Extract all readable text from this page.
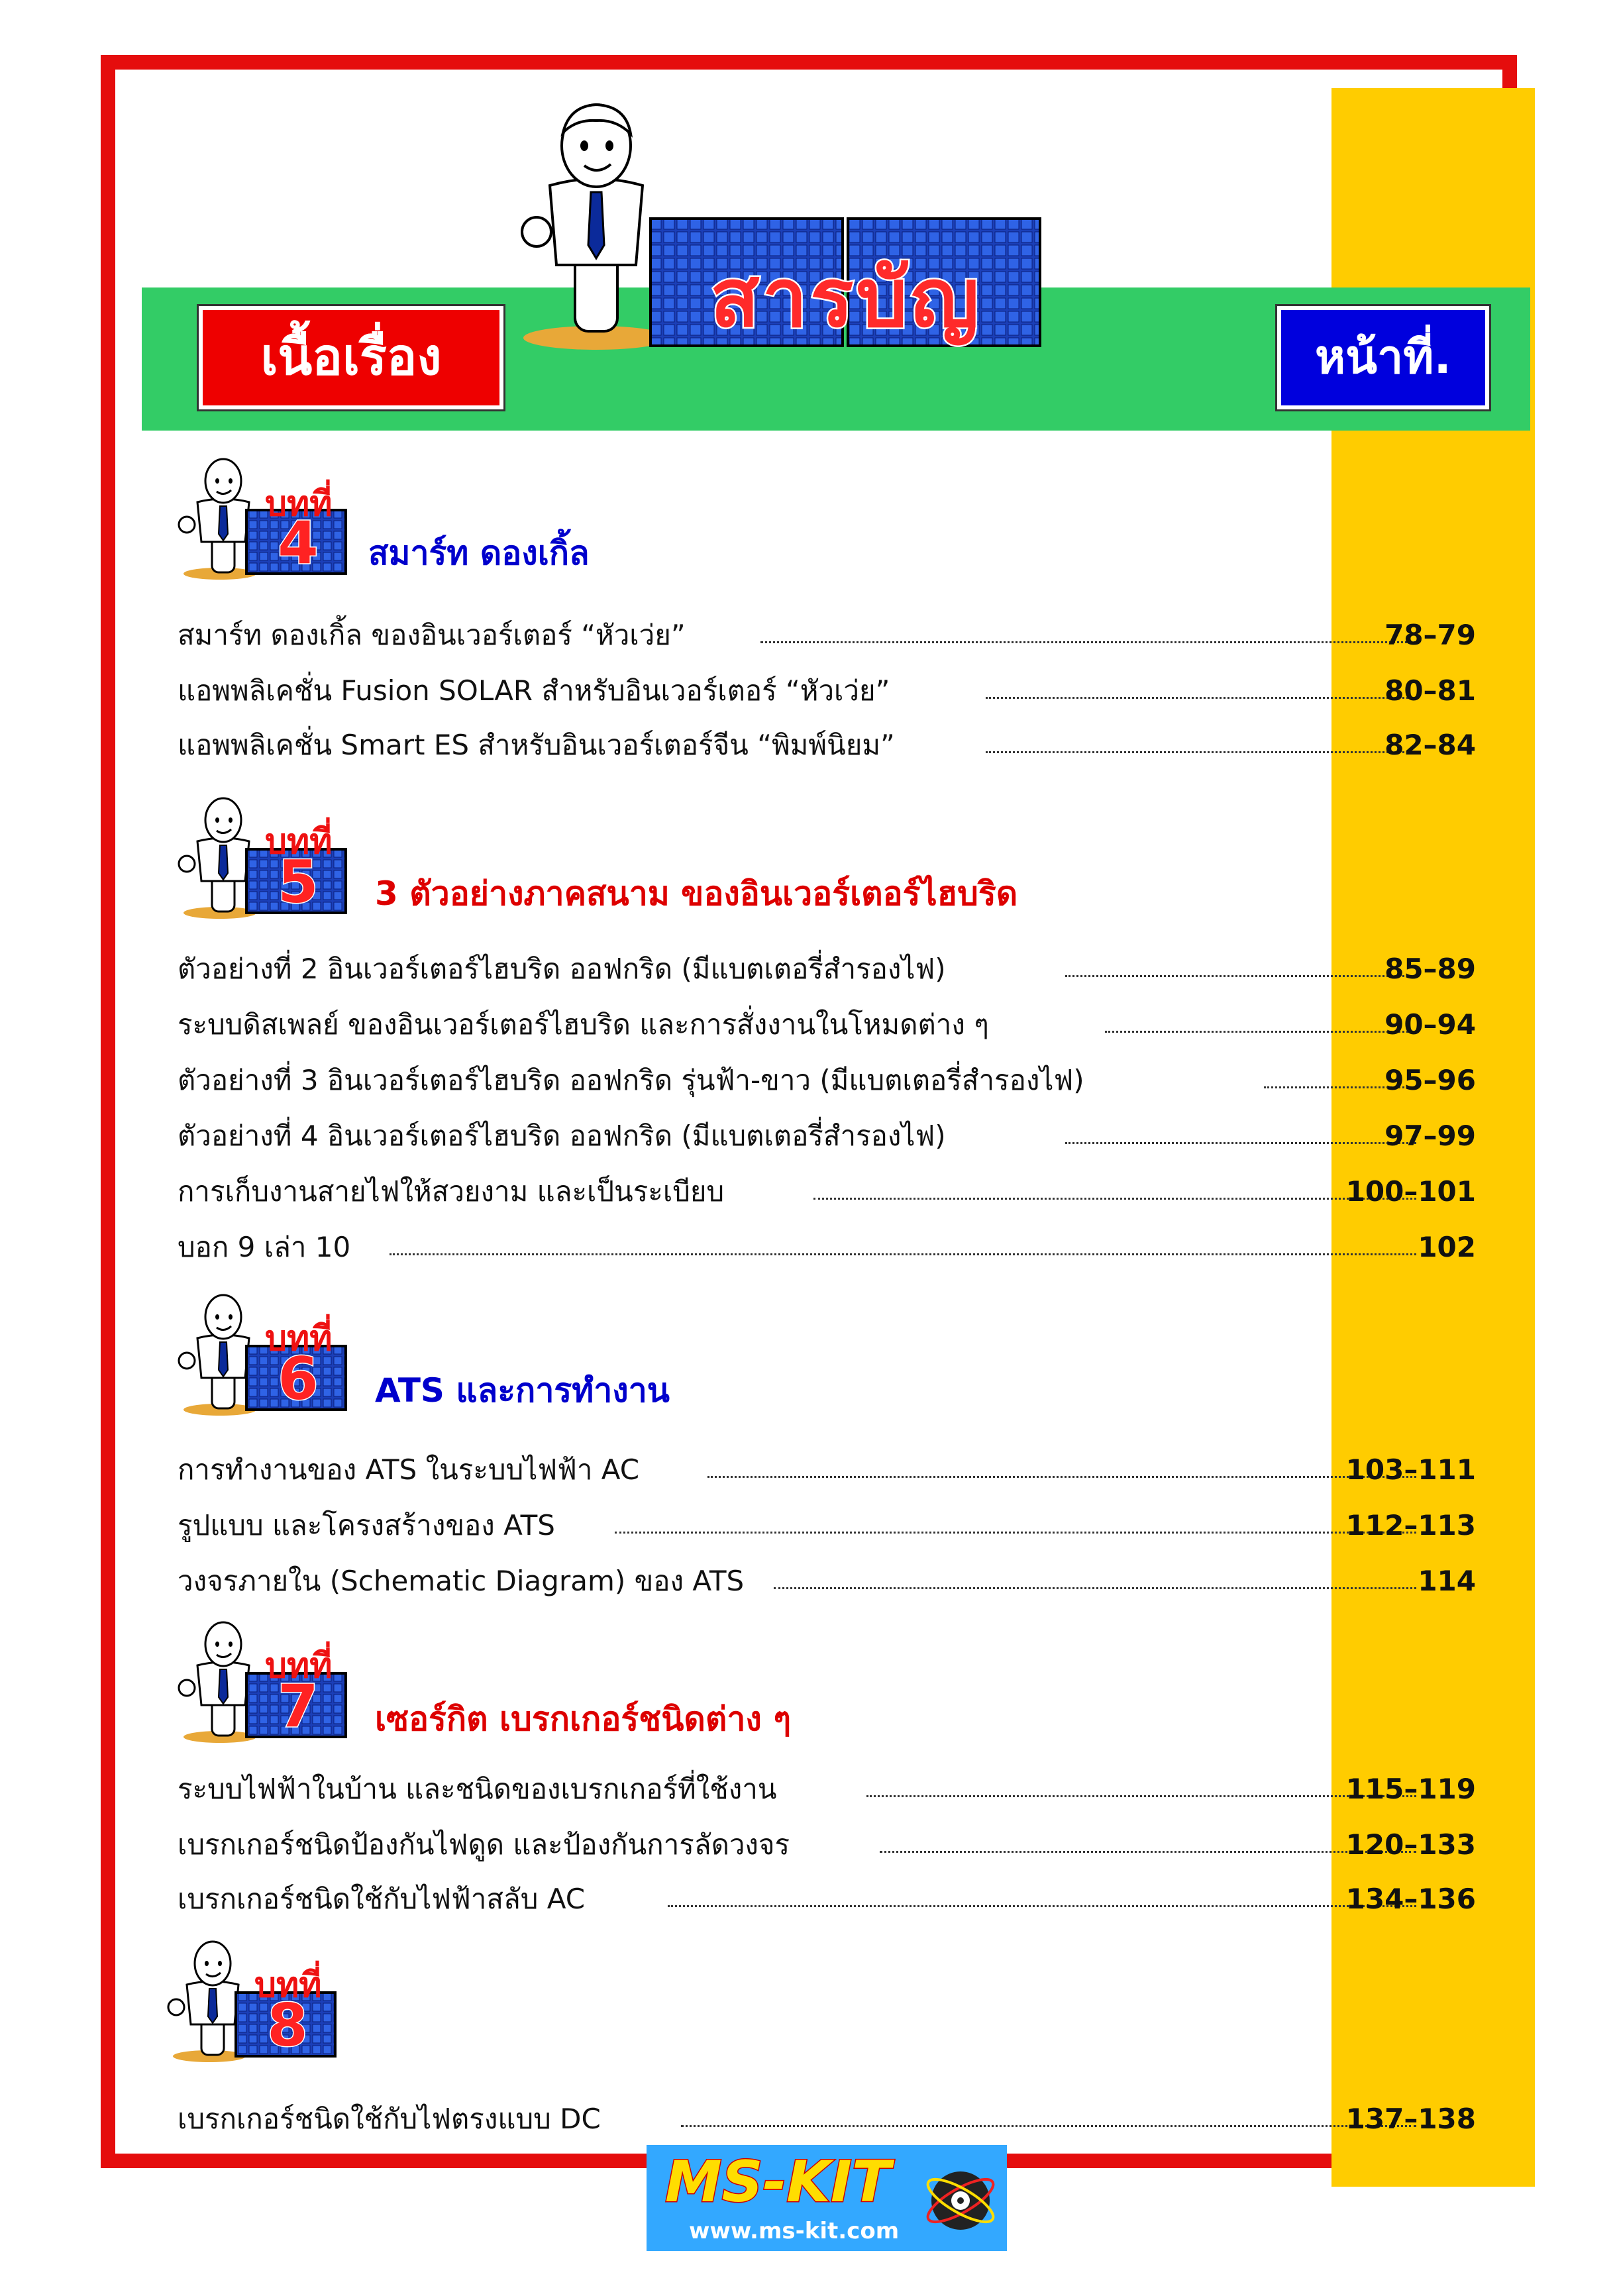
สารบัญ
เนื้อเรื่อง	หน้าที่.
บทที่
4	สมาร์ท ดองเกิ้ล
สมาร์ท ดองเกิ้ล ของอินเวอร์เตอร์ “หัวเว่ย”	78–79
แอพพลิเคชั่น Fusion SOLAR สำหรับอินเวอร์เตอร์ “หัวเว่ย”	80–81
แอพพลิเคชั่น Smart ES สำหรับอินเวอร์เตอร์จีน “พิมพ์นิยม”	82–84
บทที่
5	3 ตัวอย่างภาคสนาม ของอินเวอร์เตอร์ไฮบริด
ตัวอย่างที่ 2 อินเวอร์เตอร์ไฮบริด ออฟกริด (มีแบตเตอรี่สำรองไฟ)	85–89
ระบบดิสเพลย์ ของอินเวอร์เตอร์ไฮบริด และการสั่งงานในโหมดต่าง ๆ	90–94
ตัวอย่างที่ 3 อินเวอร์เตอร์ไฮบริด ออฟกริด รุ่นฟ้า-ขาว (มีแบตเตอรี่สำรองไฟ)	95–96
ตัวอย่างที่ 4 อินเวอร์เตอร์ไฮบริด ออฟกริด (มีแบตเตอรี่สำรองไฟ)	97–99
การเก็บงานสายไฟให้สวยงาม และเป็นระเบียบ	100–101
บอก 9 เล่า 10	102
บทที่
6	ATS และการทำงาน
การทำงานของ ATS ในระบบไฟฟ้า AC	103–111
รูปแบบ และโครงสร้างของ ATS	112–113
วงจรภายใน (Schematic Diagram) ของ ATS	114
บทที่
7	เซอร์กิต เบรกเกอร์ชนิดต่าง ๆ
ระบบไฟฟ้าในบ้าน และชนิดของเบรกเกอร์ที่ใช้งาน	115–119
เบรกเกอร์ชนิดป้องกันไฟดูด และป้องกันการลัดวงจร	120–133
เบรกเกอร์ชนิดใช้กับไฟฟ้าสลับ AC	134–136
บทที่
8
เบรกเกอร์ชนิดใช้กับไฟตรงแบบ DC	137–138
MS-KIT
www.ms-kit.com
